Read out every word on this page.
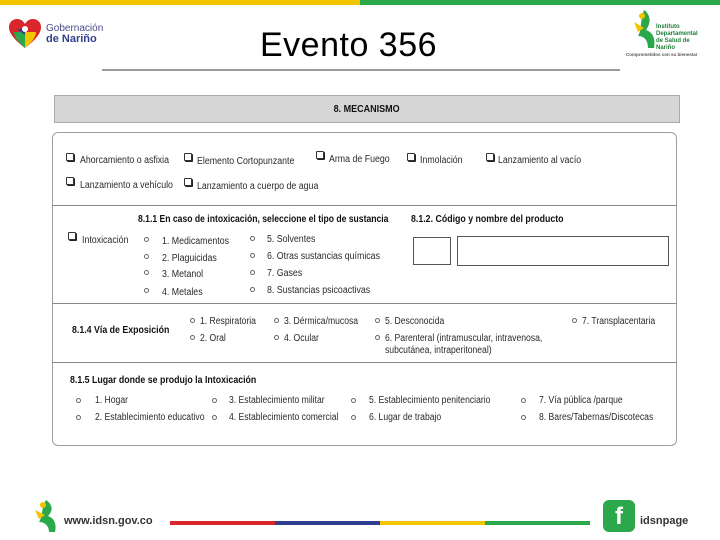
Gobernación
de Nariño	Evento 356	Instituto
Departamental
de Salud de
Nariño
Comprometidos con su bienestar
8. MECANISMO
Ahorcamiento o asfixia	Elemento Cortopunzante	Arma de Fuego	Inmolación	Lanzamiento al vacío
Lanzamiento a vehículo Lanzamiento a cuerpo de agua
8.1.1 En caso de intoxicación, seleccione el tipo de sustancia 8.1.2. Código y nombre del producto
Intoxicación	1. Medicamentos
2. Plaguicidas
3. Metanol
4. Metales
5. Solventes
6. Otras sustancias químicas
7. Gases
8. Sustancias psicoactivas
8.1.4 Vía de Exposición
1. Respiratoria
2. Oral
3. Dérmica/mucosa
4. Ocular
5. Desconocida
6. Parenteral (intramuscular, intravenosa,
subcutánea, intraperitoneal)
7. Transplacentaria
8.1.5 Lugar donde se produjo la Intoxicación
1. Hogar
2. Establecimiento educativo
3. Establecimiento militar
4. Establecimiento comercial
5. Establecimiento penitenciario
6. Lugar de trabajo
7. Vía pública /parque
8. Bares/Tabernas/Discotecas
www.idsn.gov.co	f	idsnpage
